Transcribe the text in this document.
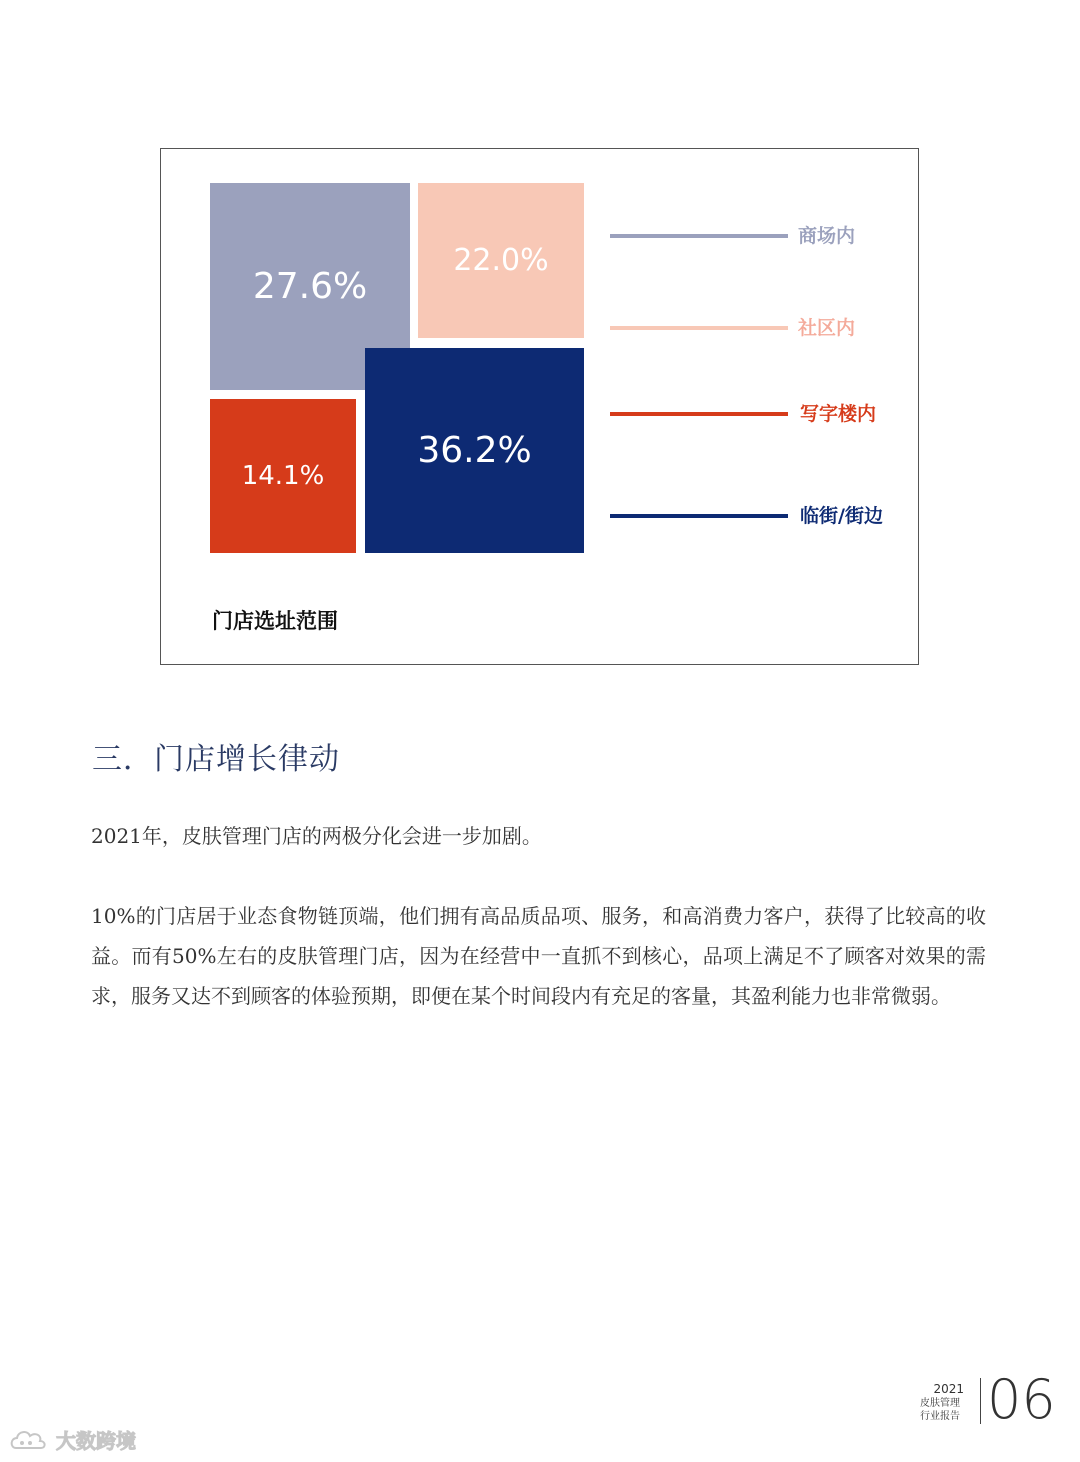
27.6%
22.0%
14.1%
36.2%
商场内
社区内
写字楼内
临街/街边
门店选址范围
三．门店增长律动

2021年，皮肤管理门店的两极分化会进一步加剧。

10%的门店居于业态食物链顶端，他们拥有高品质品项、服务，和高消费力客户，获得了比较高的收益。而有50%左右的皮肤管理门店，因为在经营中一直抓不到核心，品项上满足不了顾客对效果的需求，服务又达不到顾客的体验预期，即便在某个时间段内有充足的客量，其盈利能力也非常微弱。

2021
皮肤管理
行业报告 06
大数跨境
